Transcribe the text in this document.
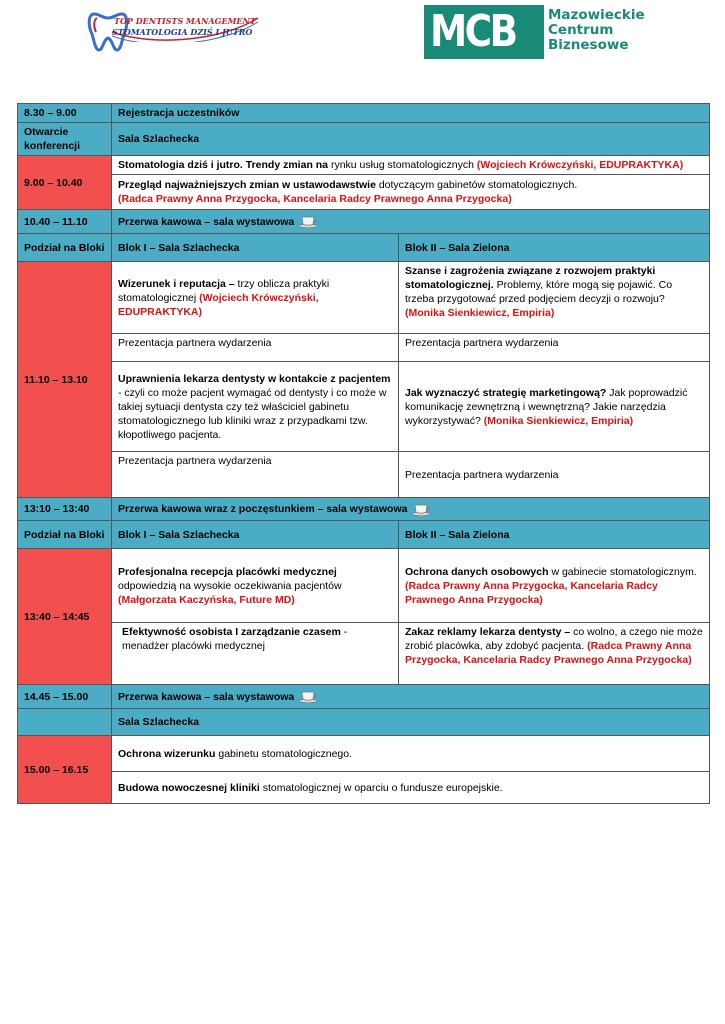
TOP DENTISTS MANAGEMENT
STOMATOLOGIA DZIŚ I JUTRO	MCB Mazowieckie
Centrum
Biznesowe
8.30 – 9.00	Rejestracja uczestników	
Otwarcie konferencji	Sala Szlachecka	
9.00 – 10.40	Stomatologia dziś i jutro. Trendy zmian na rynku usług stomatologicznych (Wojciech Krówczyński, EDUPRAKTYKA)	
	Przegląd najważniejszych zmian w ustawodawstwie dotyczącym gabinetów stomatologicznych.
(Radca Prawny Anna Przygocka, Kancelaria Radcy Prawnego Anna Przygocka)	
10.40 – 11.10	Przerwa kawowa – sala wystawowa	
Podział na Bloki	Blok I – Sala Szlachecka	Blok II – Sala Zielona
11.10 – 13.10	Wizerunek i reputacja – trzy oblicza praktyki stomatologicznej (Wojciech Krówczyński, EDUPRAKTYKA)	Szanse i zagrożenia związane z rozwojem praktyki stomatologicznej. Problemy, które mogą się pojawić. Co trzeba przygotować przed podjęciem decyzji o rozwoju? (Monika Sienkiewicz, Empiria)
	Prezentacja partnera wydarzenia	Prezentacja partnera wydarzenia
	Uprawnienia lekarza dentysty w kontakcie z pacjentem - czyli co może pacjent wymagać od dentysty i co może w takiej sytuacji dentysta czy też właściciel gabinetu stomatologicznego lub kliniki wraz z przypadkami tzw. kłopotliwego pacjenta.	Jak wyznaczyć strategię marketingową? Jak poprowadzić komunikację zewnętrzną i wewnętrzną? Jakie narzędzia wykorzystywać? (Monika Sienkiewicz, Empiria)
	Prezentacja partnera wydarzenia	Prezentacja partnera wydarzenia
13:10 – 13:40	Przerwa kawowa wraz z poczęstunkiem – sala wystawowa	
Podział na Bloki	Blok I – Sala Szlachecka	Blok II – Sala Zielona
13:40 – 14:45	Profesjonalna recepcja placówki medycznej odpowiedzią na wysokie oczekiwania pacjentów (Małgorzata Kaczyńska, Future MD)	Ochrona danych osobowych w gabinecie stomatologicznym. (Radca Prawny Anna Przygocka, Kancelaria Radcy Prawnego Anna Przygocka)
	Efektywność osobista I zarządzanie czasem - menadżer placówki medycznej	Zakaz reklamy lekarza dentysty – co wolno, a czego nie może zrobić placówka, aby zdobyć pacjenta. (Radca Prawny Anna Przygocka, Kancelaria Radcy Prawnego Anna Przygocka)
14.45 – 15.00	Przerwa kawowa – sala wystawowa	
	Sala Szlachecka	
15.00 – 16.15	Ochrona wizerunku gabinetu stomatologicznego.	
	Budowa nowoczesnej kliniki stomatologicznej w oparciu o fundusze europejskie.	
